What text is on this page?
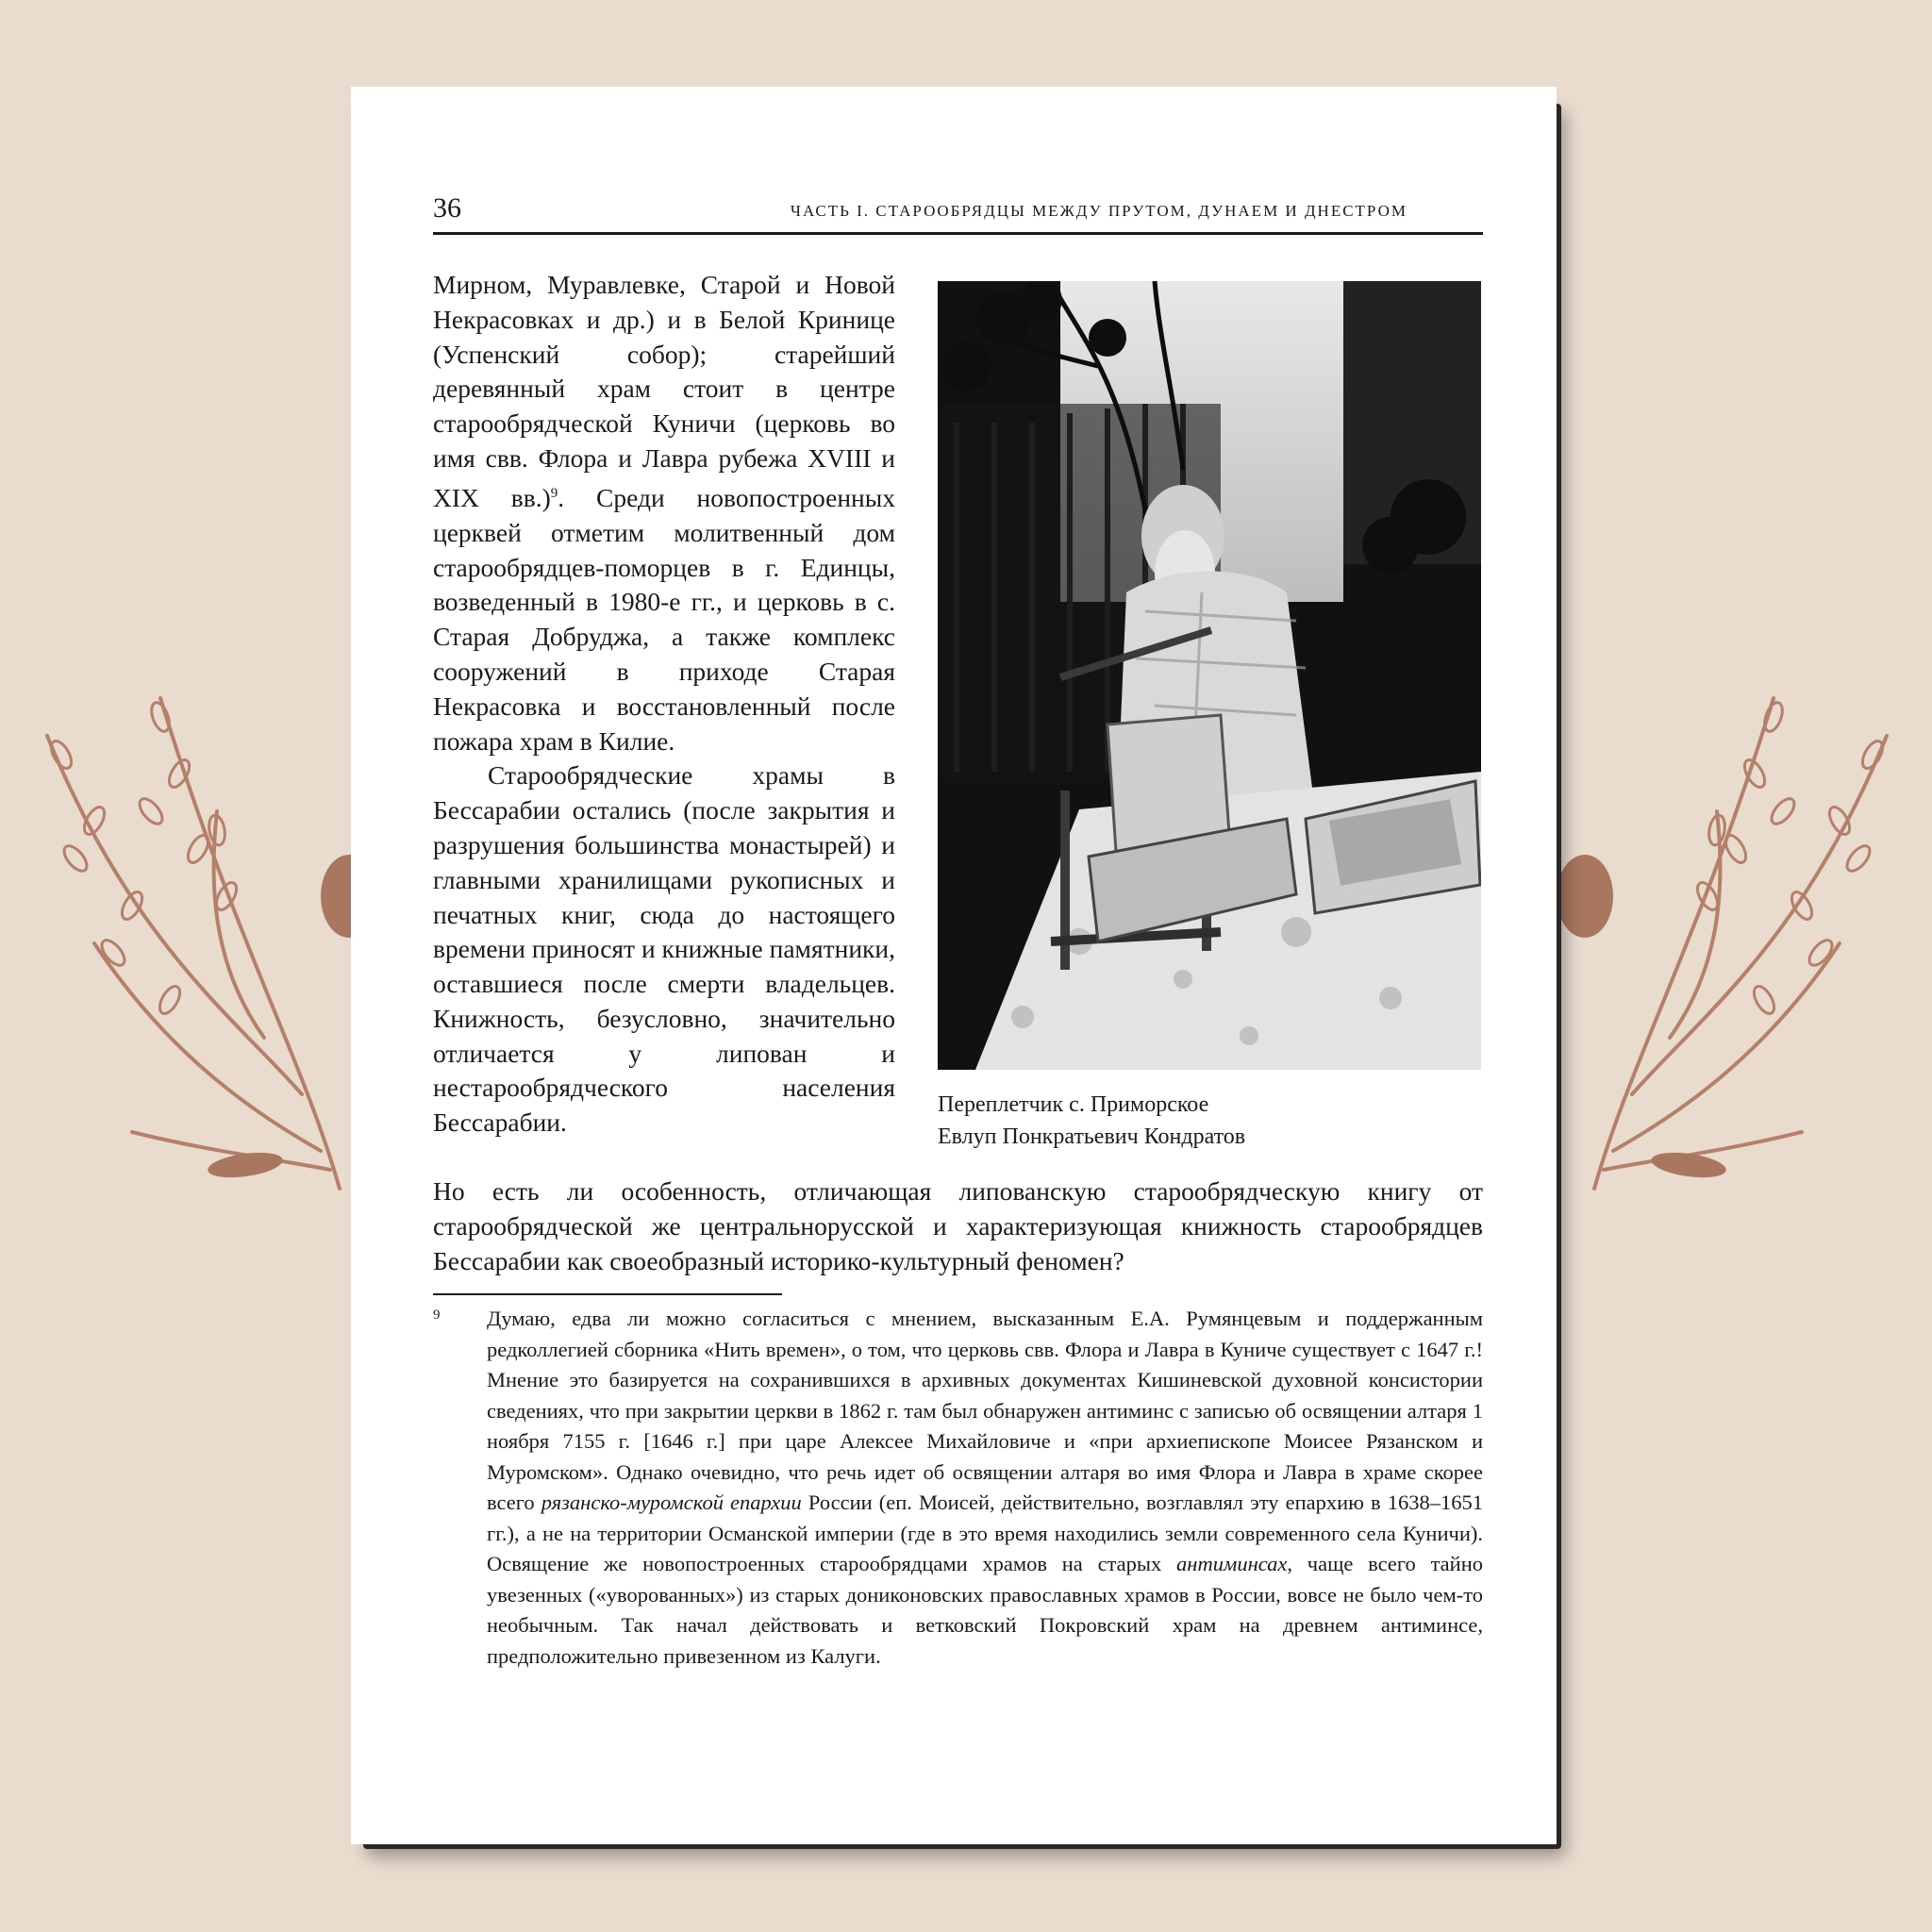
36	ЧАСТЬ I. СТАРООБРЯДЦЫ МЕЖДУ ПРУТОМ, ДУНАЕМ И ДНЕСТРОМ

Мирном, Муравлевке, Старой и Новой Некрасовках и др.) и в Белой Кринице (Успенский собор); старейший деревянный храм стоит в центре старообрядческой Куничи (церковь во имя свв. Флора и Лавра рубежа XVIII и XIX вв.)$^9$. Среди новопостроенных церквей отметим молитвенный дом старообрядцев-поморцев в г. Единцы, возведенный в 1980-е гг., и церковь в с. Старая Добруджа, а также комплекс сооружений в приходе Старая Некрасовка и восстановленный после пожара храм в Килие.

Старообрядческие храмы в Бессарабии остались (после закрытия и разрушения большинства монастырей) и главными хранилищами рукописных и печатных книг, сюда до настоящего времени приносят и книжные памятники, оставшиеся после смерти владельцев. Книжность, безусловно, значительно отличается у липован и нестарообрядческого населения Бессарабии.

Переплетчик с. Приморское
Евлуп Понкратьевич Кондратов
Но есть ли особенность, отличающая липованскую старообрядческую книгу от старообрядческой же центральнорусской и характеризующая книжность старообрядцев Бессарабии как своеобразный историко-культурный феномен?
9 Думаю, едва ли можно согласиться с мнением, высказанным Е.А. Румянцевым и поддержанным редколлегией сборника «Нить времен», о том, что церковь свв. Флора и Лавра в Куниче существует с 1647 г.! Мнение это базируется на сохранившихся в архивных документах Кишиневской духовной консистории сведениях, что при закрытии церкви в 1862 г. там был обнаружен антиминс с записью об освящении алтаря 1 ноября 7155 г. [1646 г.] при царе Алексее Михайловиче и «при архиепископе Моисее Рязанском и Муромском». Однако очевидно, что речь идет об освящении алтаря во имя Флора и Лавра в храме скорее всего рязанско-муромской епархии России (еп. Моисей, действительно, возглавлял эту епархию в 1638–1651 гг.), а не на территории Османской империи (где в это время находились земли современного села Куничи). Освящение же новопостроенных старообрядцами храмов на старых антиминсах, чаще всего тайно увезенных («уворованных») из старых дониконовских православных храмов в России, вовсе не было чем-то необычным. Так начал действовать и ветковский Покровский храм на древнем антиминсе, предположительно привезенном из Калуги.
